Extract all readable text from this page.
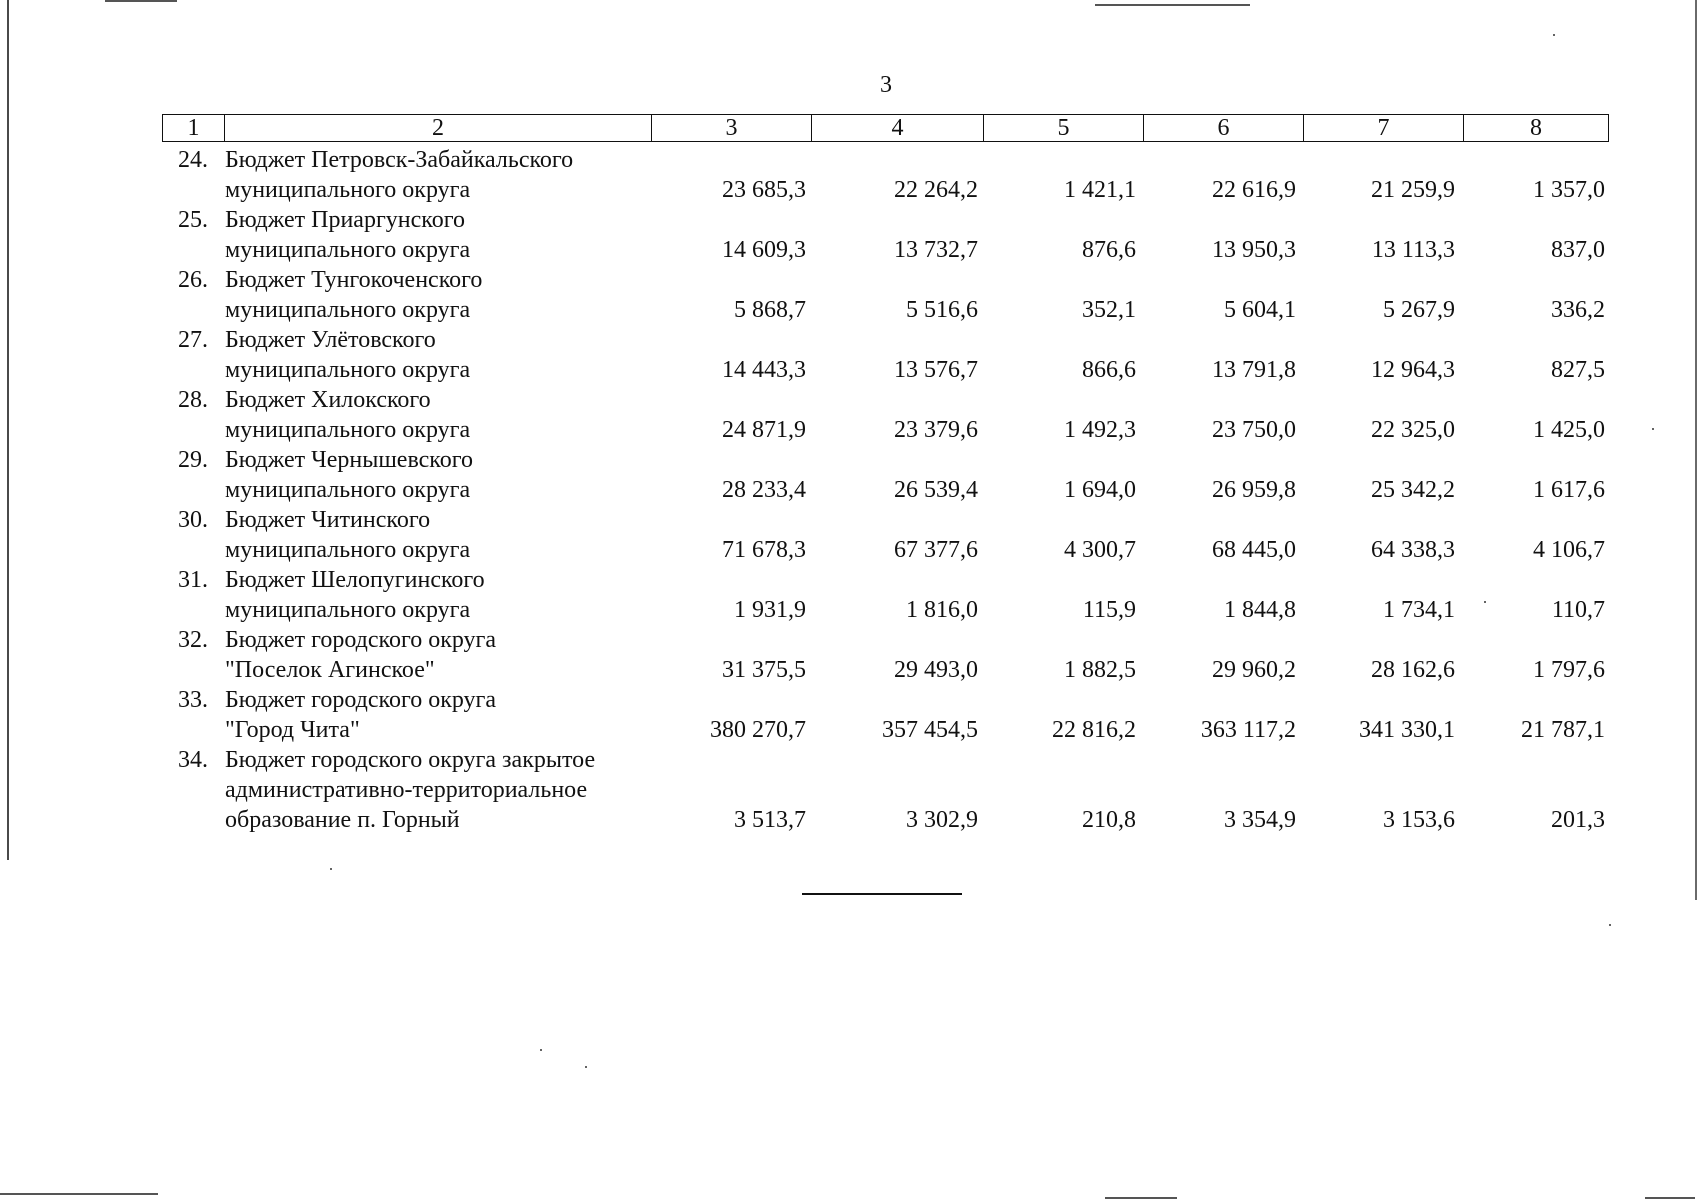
3
1	2	3	4	5	6	7	8
24. Бюджет Петровск-Забайкальского
муниципального округа	23 685,3	22 264,2	1 421,1	22 616,9	21 259,9	1 357,0
25. Бюджет Приаргунского
муниципального округа	14 609,3	13 732,7	876,6	13 950,3	13 113,3	837,0
26. Бюджет Тунгокоченского
муниципального округа	5 868,7	5 516,6	352,1	5 604,1	5 267,9	336,2
27. Бюджет Улётовского
муниципального округа	14 443,3	13 576,7	866,6	13 791,8	12 964,3	827,5
28. Бюджет Хилокского
муниципального округа	24 871,9	23 379,6	1 492,3	23 750,0	22 325,0	1 425,0
29. Бюджет Чернышевского
муниципального округа	28 233,4	26 539,4	1 694,0	26 959,8	25 342,2	1 617,6
30. Бюджет Читинского
муниципального округа	71 678,3	67 377,6	4 300,7	68 445,0	64 338,3	4 106,7
31. Бюджет Шелопугинского
муниципального округа	1 931,9	1 816,0	115,9	1 844,8	1 734,1	110,7
32. Бюджет городского округа
"Поселок Агинское"	31 375,5	29 493,0	1 882,5	29 960,2	28 162,6	1 797,6
33. Бюджет городского округа
"Город Чита"	380 270,7	357 454,5	22 816,2	363 117,2	341 330,1	21 787,1
34. Бюджет городского округа закрытое
административно-территориальное
образование п. Горный	3 513,7	3 302,9	210,8	3 354,9	3 153,6	201,3
